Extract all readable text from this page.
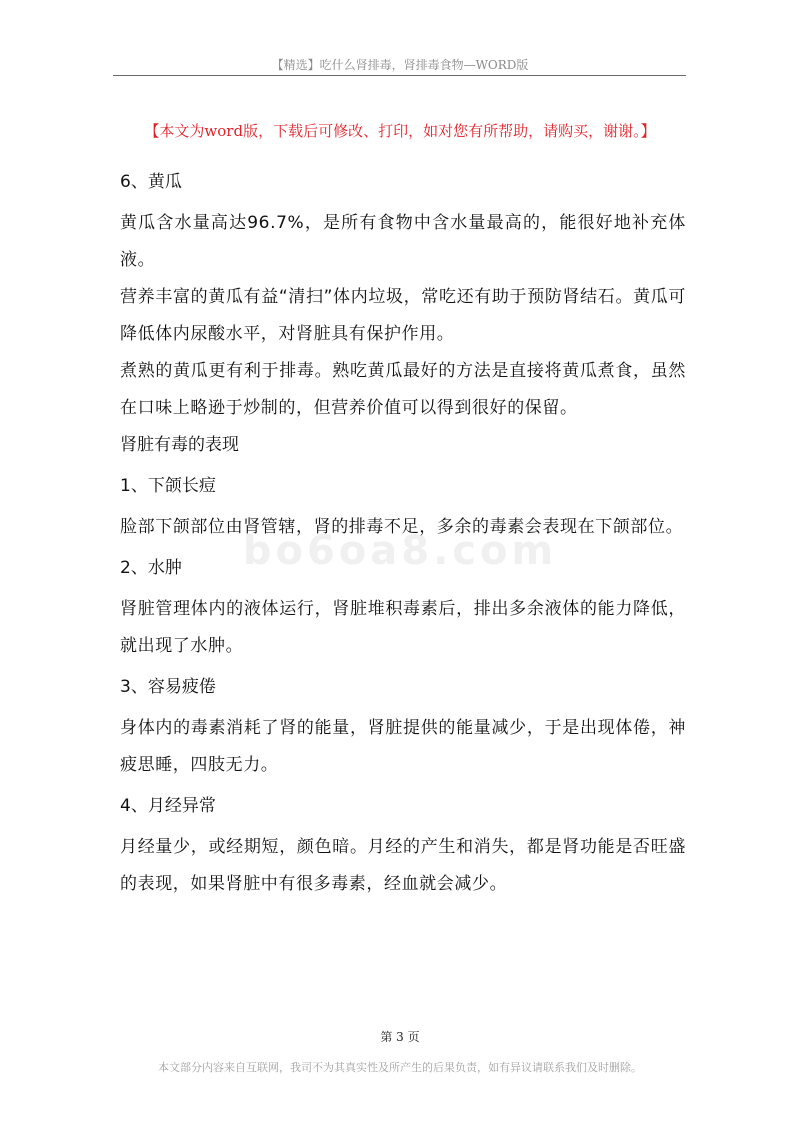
【精选】吃什么肾排毒，肾排毒食物—WORD版
【本文为word版，下载后可修改、打印，如对您有所帮助，请购买，谢谢。】
bo6oa8.com

6、黄瓜

黄瓜含水量高达96.7%，是所有食物中含水量最高的，能很好地补充体液。

营养丰富的黄瓜有益“清扫”体内垃圾，常吃还有助于预防肾结石。黄瓜可降低体内尿酸水平，对肾脏具有保护作用。

煮熟的黄瓜更有利于排毒。熟吃黄瓜最好的方法是直接将黄瓜煮食，虽然在口味上略逊于炒制的，但营养价值可以得到很好的保留。

肾脏有毒的表现

1、下颌长痘

脸部下颌部位由肾管辖，肾的排毒不足，多余的毒素会表现在下颌部位。

2、水肿

肾脏管理体内的液体运行，肾脏堆积毒素后，排出多余液体的能力降低，就出现了水肿。

3、容易疲倦

身体内的毒素消耗了肾的能量，肾脏提供的能量减少，于是出现体倦，神疲思睡，四肢无力。

4、月经异常

月经量少，或经期短，颜色暗。月经的产生和消失，都是肾功能是否旺盛的表现，如果肾脏中有很多毒素，经血就会减少。

第 3 页
本文部分内容来自互联网，我司不为其真实性及所产生的后果负责，如有异议请联系我们及时删除。
